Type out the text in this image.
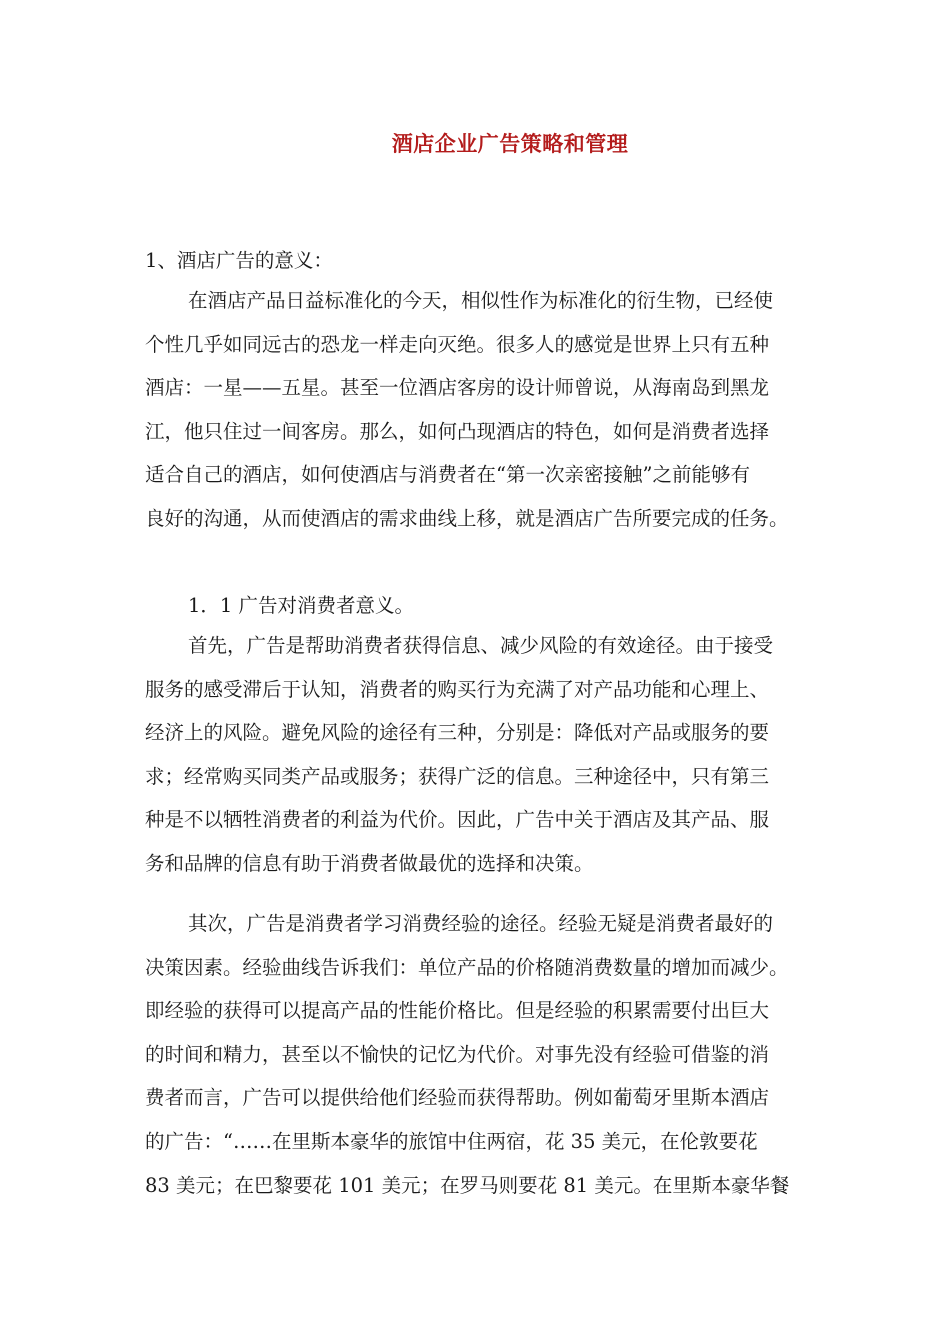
酒店企业广告策略和管理
1、酒店广告的意义：
在酒店产品日益标准化的今天，相似性作为标准化的衍生物，已经使
个性几乎如同远古的恐龙一样走向灭绝。很多人的感觉是世界上只有五种
酒店：一星——五星。甚至一位酒店客房的设计师曾说，从海南岛到黑龙
江，他只住过一间客房。那么，如何凸现酒店的特色，如何是消费者选择
适合自己的酒店，如何使酒店与消费者在“第一次亲密接触”之前能够有
良好的沟通，从而使酒店的需求曲线上移，就是酒店广告所要完成的任务。
1．1 广告对消费者意义。
首先，广告是帮助消费者获得信息、减少风险的有效途径。由于接受
服务的感受滞后于认知，消费者的购买行为充满了对产品功能和心理上、
经济上的风险。避免风险的途径有三种，分别是：降低对产品或服务的要
求；经常购买同类产品或服务；获得广泛的信息。三种途径中，只有第三
种是不以牺牲消费者的利益为代价。因此，广告中关于酒店及其产品、服
务和品牌的信息有助于消费者做最优的选择和决策。
其次，广告是消费者学习消费经验的途径。经验无疑是消费者最好的
决策因素。经验曲线告诉我们：单位产品的价格随消费数量的增加而减少。
即经验的获得可以提高产品的性能价格比。但是经验的积累需要付出巨大
的时间和精力，甚至以不愉快的记忆为代价。对事先没有经验可借鉴的消
费者而言，广告可以提供给他们经验而获得帮助。例如葡萄牙里斯本酒店
的广告：“……在里斯本豪华的旅馆中住两宿，花 35 美元，在伦敦要花
83 美元；在巴黎要花 101 美元；在罗马则要花 81 美元。在里斯本豪华餐
